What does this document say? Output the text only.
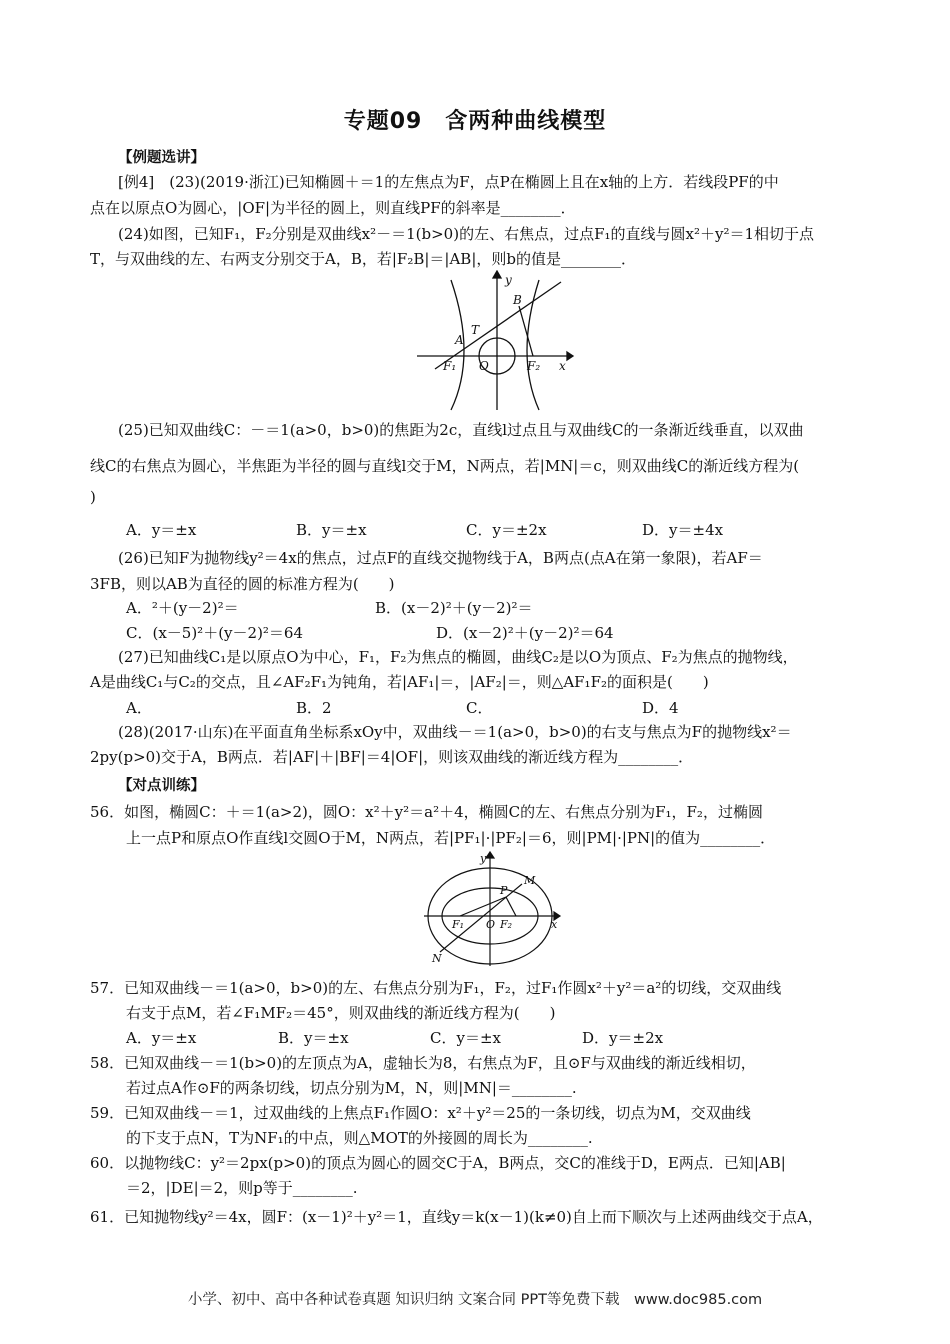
专题09　含两种曲线模型
【例题选讲】
[例4]　(23)(2019·浙江)已知椭圆＋＝1的左焦点为F，点P在椭圆上且在x轴的上方．若线段PF的中
点在以原点O为圆心，|OF|为半径的圆上，则直线PF的斜率是________．
(24)如图，已知F₁，F₂分别是双曲线x²－＝1(b>0)的左、右焦点，过点F₁的直线与圆x²＋y²＝1相切于点
T，与双曲线的左、右两支分别交于A，B，若|F₂B|＝|AB|，则b的值是________．
y
x
B
T
A
O
F₁	F₂
(25)已知双曲线C：－＝1(a>0，b>0)的焦距为2c，直线l过点且与双曲线C的一条渐近线垂直，以双曲
线C的右焦点为圆心，半焦距为半径的圆与直线l交于M，N两点，若|MN|＝c，则双曲线C的渐近线方程为(
)
A．y＝±x	B．y＝±x	C．y＝±2x	D．y＝±4x
(26)已知F为抛物线y²＝4x的焦点，过点F的直线交抛物线于A，B两点(点A在第一象限)，若AF＝
3FB，则以AB为直径的圆的标准方程为(　　)
A．²＋(y－2)²＝	B．(x－2)²＋(y－2)²＝
C．(x－5)²＋(y－2)²＝64	D．(x－2)²＋(y－2)²＝64
(27)已知曲线C₁是以原点O为中心，F₁，F₂为焦点的椭圆，曲线C₂是以O为顶点、F₂为焦点的抛物线，
A是曲线C₁与C₂的交点，且∠AF₂F₁为钝角，若|AF₁|＝，|AF₂|＝，则△AF₁F₂的面积是(　　)
A．	B．2	C．	D．4
(28)(2017·山东)在平面直角坐标系xOy中，双曲线－＝1(a>0，b>0)的右支与焦点为F的抛物线x²＝
2py(p>0)交于A，B两点．若|AF|＋|BF|＝4|OF|，则该双曲线的渐近线方程为________．
【对点训练】
56．如图，椭圆C：＋＝1(a>2)，圆O：x²＋y²＝a²＋4，椭圆C的左、右焦点分别为F₁，F₂，过椭圆
上一点P和原点O作直线l交圆O于M，N两点，若|PF₁|·|PF₂|＝6，则|PM|·|PN|的值为________．
y
x
M
P
F₁ O F₂
N
57．已知双曲线－＝1(a>0，b>0)的左、右焦点分别为F₁，F₂，过F₁作圆x²＋y²＝a²的切线，交双曲线
右支于点M，若∠F₁MF₂＝45°，则双曲线的渐近线方程为(　　)
A．y＝±x	B．y＝±x	C．y＝±x	D．y＝±2x
58．已知双曲线－＝1(b>0)的左顶点为A，虚轴长为8，右焦点为F，且⊙F与双曲线的渐近线相切，
若过点A作⊙F的两条切线，切点分别为M，N，则|MN|＝________.
59．已知双曲线－＝1，过双曲线的上焦点F₁作圆O：x²＋y²＝25的一条切线，切点为M，交双曲线
的下支于点N，T为NF₁的中点，则△MOT的外接圆的周长为________.
60．以抛物线C：y²＝2px(p>0)的顶点为圆心的圆交C于A，B两点，交C的准线于D，E两点．已知|AB|
＝2，|DE|＝2，则p等于________.
61．已知抛物线y²＝4x，圆F：(x－1)²＋y²＝1，直线y＝k(x－1)(k≠0)自上而下顺次与上述两曲线交于点A，
小学、初中、高中各种试卷真题 知识归纳 文案合同 PPT等免费下载　www.doc985.com
